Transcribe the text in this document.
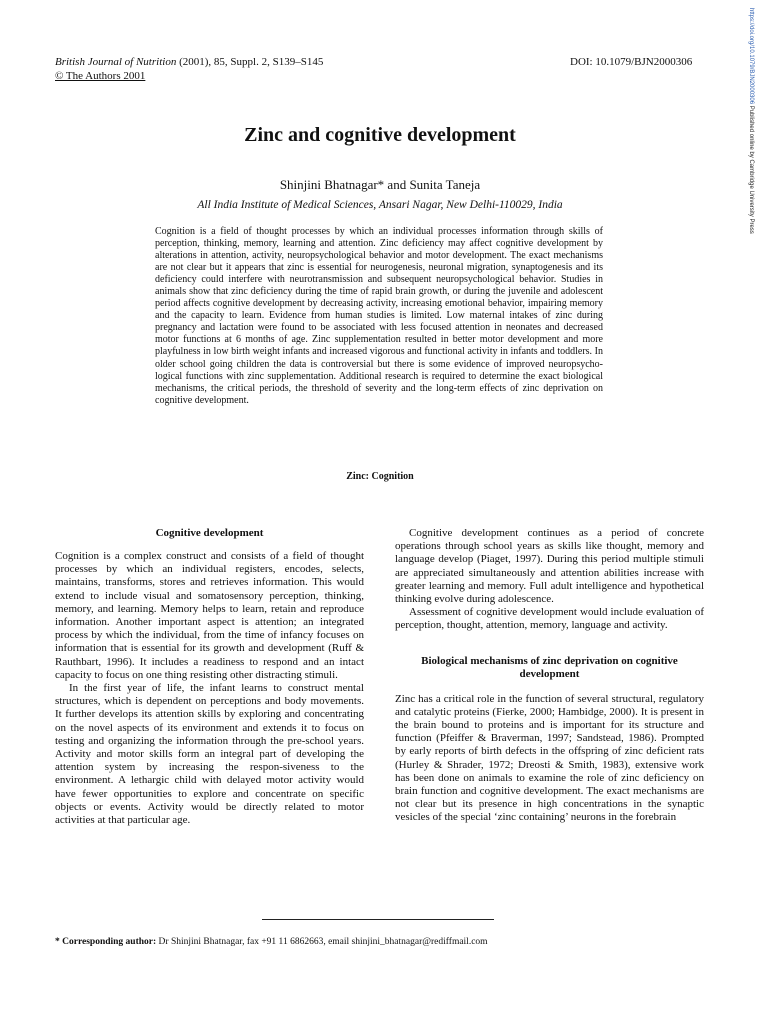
British Journal of Nutrition (2001), 85, Suppl. 2, S139–S145
© The Authors 2001
DOI: 10.1079/BJN2000306	https://doi.org/10.1079/BJN2000306 Published online by Cambridge University Press
Zinc and cognitive development
Shinjini Bhatnagar* and Sunita Taneja
All India Institute of Medical Sciences, Ansari Nagar, New Delhi-110029, India
Cognition is a field of thought processes by which an individual processes information through skills of perception, thinking, memory, learning and attention. Zinc deficiency may affect cognitive development by alterations in attention, activity, neuropsychological behavior and motor development. The exact mechanisms are not clear but it appears that zinc is essential for neurogenesis, neuronal migration, synaptogenesis and its deficiency could interfere with neurotransmission and subsequent neuropsychological behavior. Studies in animals show that zinc deficiency during the time of rapid brain growth, or during the juvenile and adolescent period affects cognitive development by decreasing activity, increasing emotional behavior, impairing memory and the capacity to learn. Evidence from human studies is limited. Low maternal intakes of zinc during pregnancy and lactation were found to be associated with less focused attention in neonates and decreased motor functions at 6 months of age. Zinc supplementation resulted in better motor development and more playfulness in low birth weight infants and increased vigorous and functional activity in infants and toddlers. In older school going children the data is controversial but there is some evidence of improved neuropsycho-logical functions with zinc supplementation. Additional research is required to determine the exact biological mechanisms, the critical periods, the threshold of severity and the long-term effects of zinc deprivation on cognitive development.
Zinc: Cognition
Cognitive development

Cognition is a complex construct and consists of a field of thought processes by which an individual registers, encodes, selects, maintains, transforms, stores and retrieves information. This would extend to include visual and somatosensory perception, thinking, memory, and learning. Memory helps to learn, retain and reproduce information. Another important aspect is attention; an integrated process by which the individual, from the time of infancy focuses on information that is essential for its growth and development (Ruff & Rauthbart, 1996). It includes a readiness to respond and an intact capacity to focus on one thing resisting other distracting stimuli.

In the first year of life, the infant learns to construct mental structures, which is dependent on perceptions and body movements. It further develops its attention skills by exploring and concentrating on the novel aspects of its environment and extends it to focus on testing and organizing the information through the pre-school years. Activity and motor skills form an integral part of developing the attention system by increasing the respon-siveness to the environment. A lethargic child with delayed motor activity would have fewer opportunities to explore and concentrate on specific objects or events. Activity would be directly related to motor activities at that particular age.

Cognitive development continues as a period of concrete operations through school years as skills like thought, memory and language develop (Piaget, 1997). During this period multiple stimuli are appreciated simultaneously and attention abilities increase with greater learning and memory. Full adult intelligence and hypothetical thinking evolve during adolescence.

Assessment of cognitive development would include evaluation of perception, thought, attention, memory, language and activity.

Biological mechanisms of zinc deprivation on cognitive development

Zinc has a critical role in the function of several structural, regulatory and catalytic proteins (Fierke, 2000; Hambidge, 2000). It is present in the brain bound to proteins and is important for its structure and function (Pfeiffer & Braverman, 1997; Sandstead, 1986). Prompted by early reports of birth defects in the offspring of zinc deficient rats (Hurley & Shrader, 1972; Dreosti & Smith, 1983), extensive work has been done on animals to examine the role of zinc deficiency on brain function and cognitive development. The exact mechanisms are not clear but its presence in high concentrations in the synaptic vesicles of the special ‘zinc containing’ neurons in the forebrain

* Corresponding author: Dr Shinjini Bhatnagar, fax +91 11 6862663, email shinjini_bhatnagar@rediffmail.com
